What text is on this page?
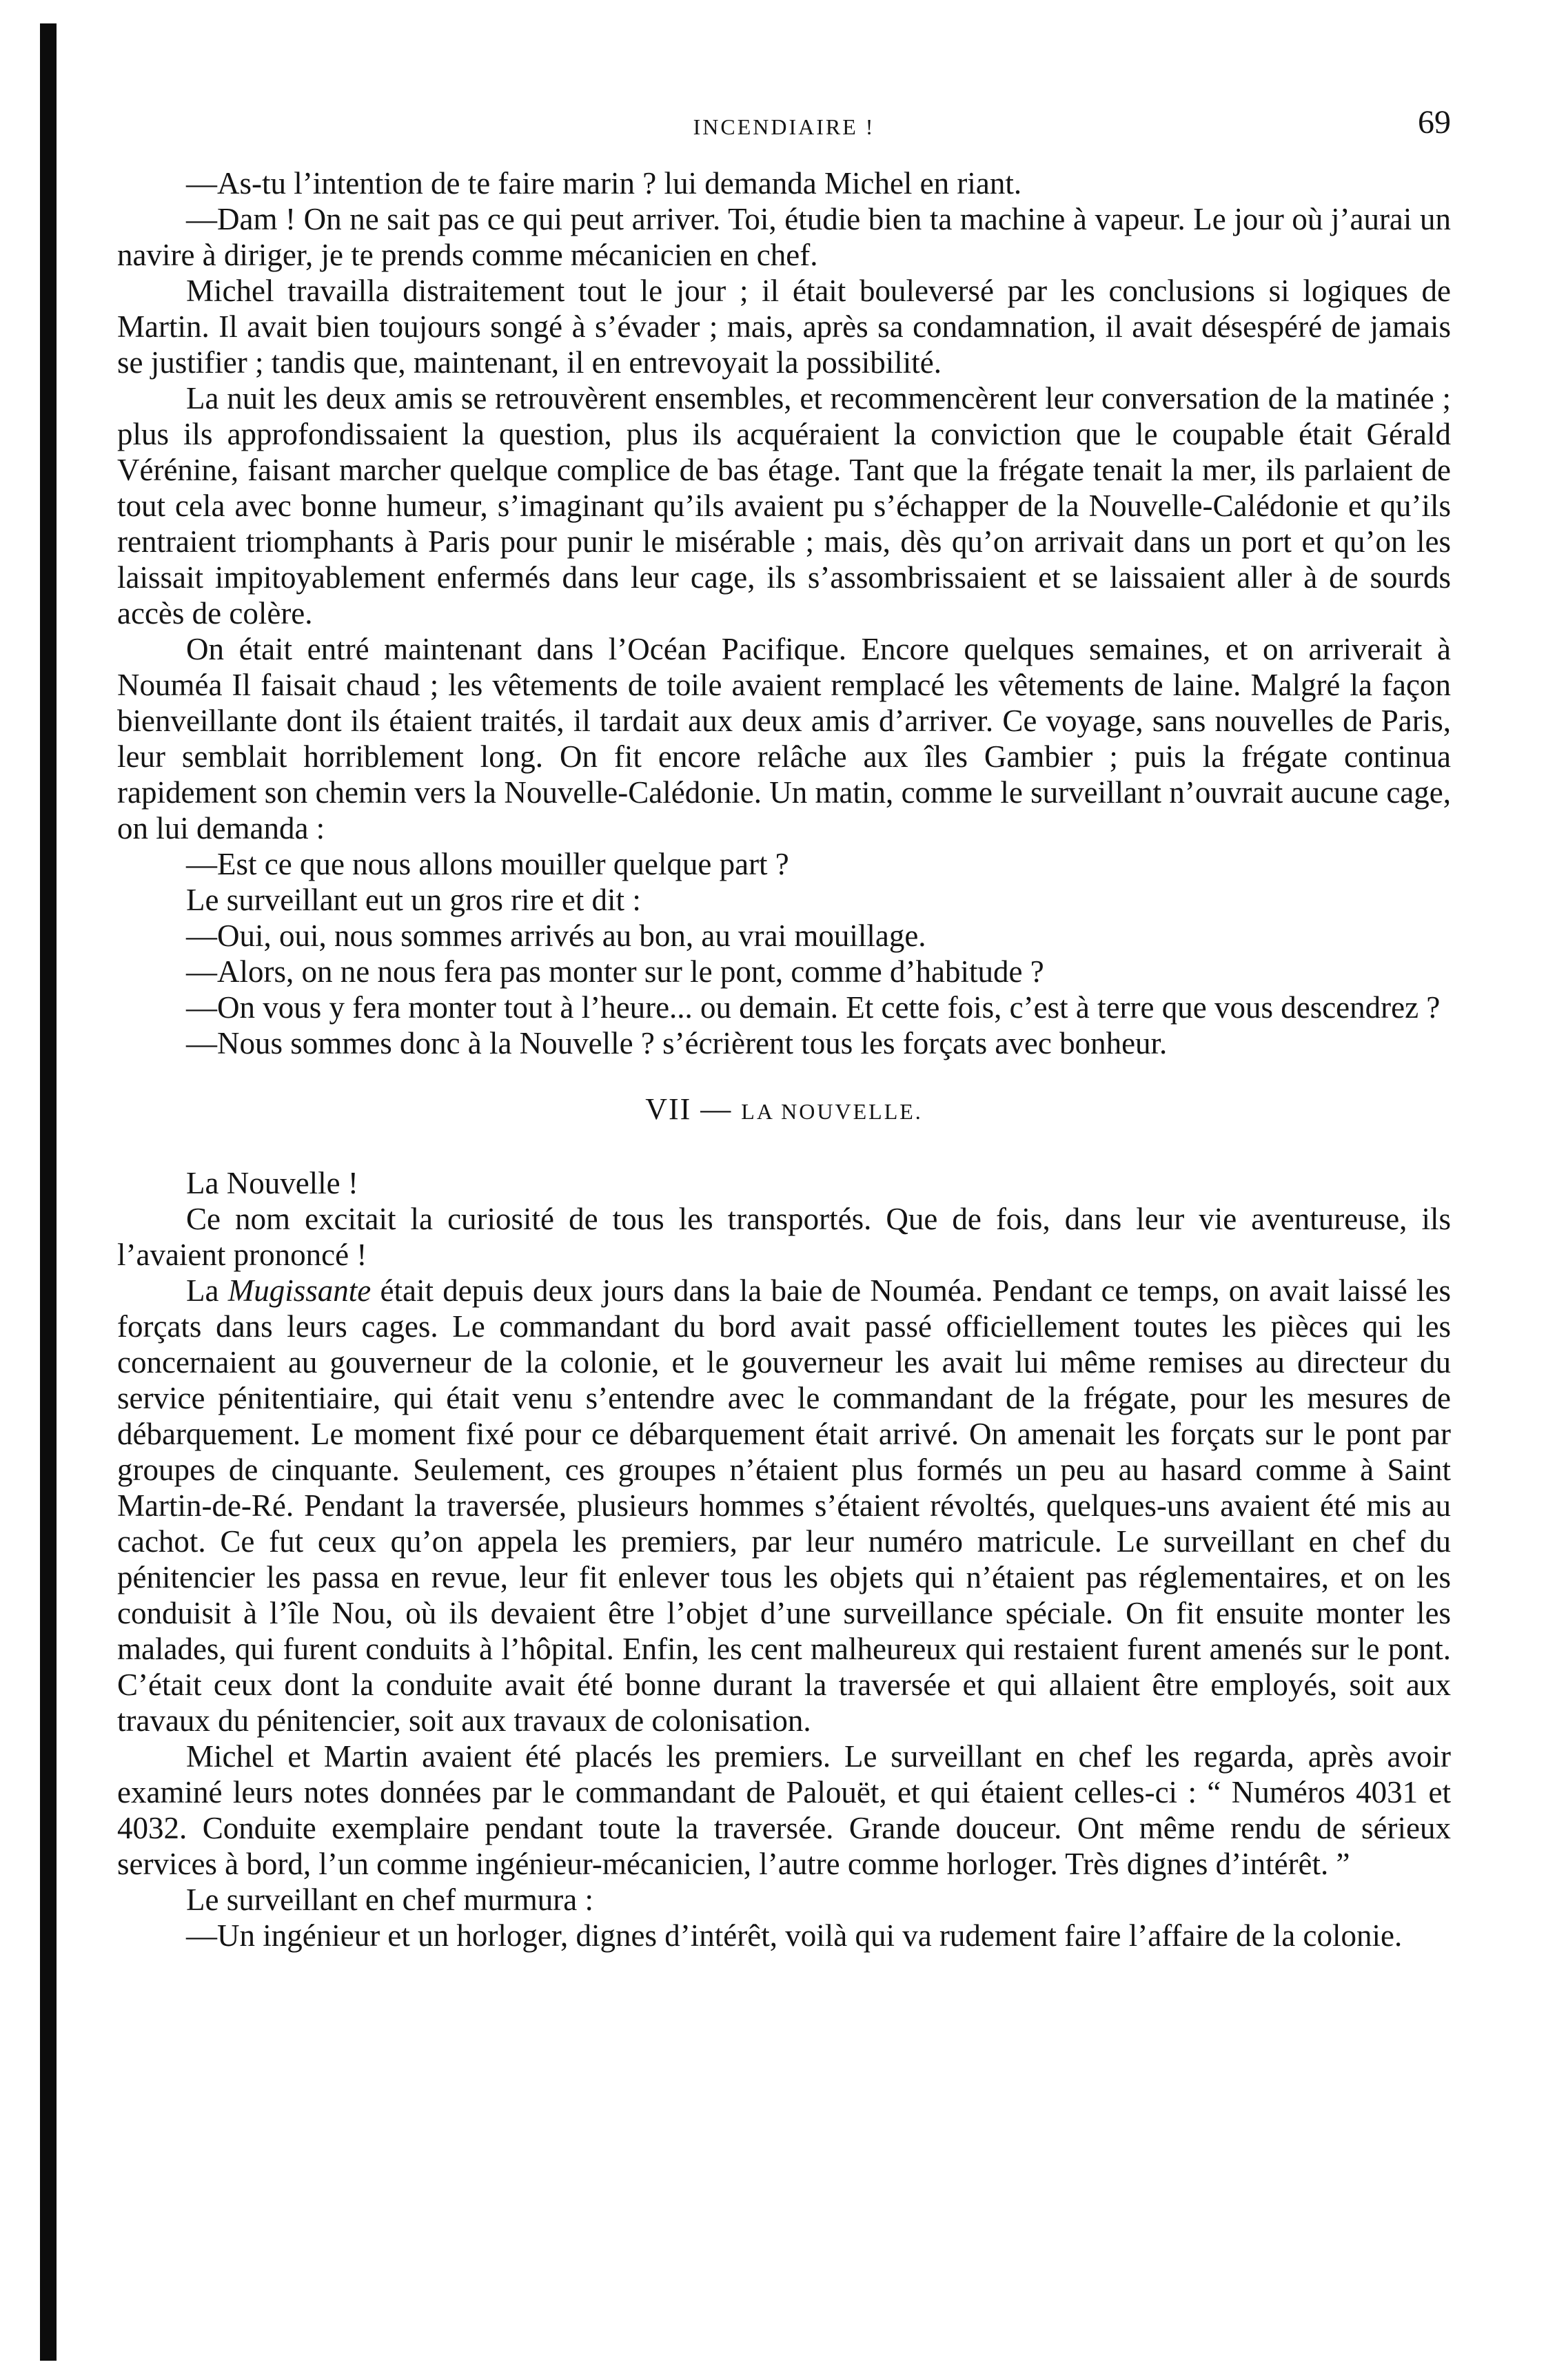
INCENDIAIRE !	69

—As-tu l’intention de te faire marin ? lui demanda Michel en riant.

—Dam ! On ne sait pas ce qui peut arriver. Toi, étudie bien ta machine à vapeur. Le jour où j’aurai un navire à diriger, je te prends comme mécanicien en chef.

Michel travailla distraitement tout le jour ; il était bouleversé par les conclusions si logiques de Martin. Il avait bien toujours songé à s’évader ; mais, après sa condamnation, il avait désespéré de jamais se justifier ; tandis que, maintenant, il en entrevoyait la possibilité.

La nuit les deux amis se retrouvèrent ensembles, et recommencèrent leur conversation de la matinée ; plus ils approfondissaient la question, plus ils acquéraient la conviction que le coupable était Gérald Vérénine, faisant marcher quelque complice de bas étage. Tant que la frégate tenait la mer, ils parlaient de tout cela avec bonne humeur, s’imaginant qu’ils avaient pu s’échapper de la Nouvelle-Calédonie et qu’ils rentraient triomphants à Paris pour punir le misérable ; mais, dès qu’on arrivait dans un port et qu’on les laissait impitoyablement enfermés dans leur cage, ils s’assombrissaient et se laissaient aller à de sourds accès de colère.

On était entré maintenant dans l’Océan Pacifique. Encore quelques semaines, et on arriverait à Nouméa Il faisait chaud ; les vêtements de toile avaient remplacé les vêtements de laine. Malgré la façon bienveillante dont ils étaient traités, il tardait aux deux amis d’arriver. Ce voyage, sans nouvelles de Paris, leur semblait horriblement long. On fit encore relâche aux îles Gambier ; puis la frégate continua rapidement son chemin vers la Nouvelle-Calédonie. Un matin, comme le surveillant n’ouvrait aucune cage, on lui demanda :

—Est ce que nous allons mouiller quelque part ?

Le surveillant eut un gros rire et dit :

—Oui, oui, nous sommes arrivés au bon, au vrai mouillage.

—Alors, on ne nous fera pas monter sur le pont, comme d’habitude ?

—On vous y fera monter tout à l’heure... ou demain. Et cette fois, c’est à terre que vous descendrez ?

—Nous sommes donc à la Nouvelle ? s’écrièrent tous les forçats avec bonheur.

VII — LA NOUVELLE.

La Nouvelle !

Ce nom excitait la curiosité de tous les transportés. Que de fois, dans leur vie aventureuse, ils l’avaient prononcé !

La Mugissante était depuis deux jours dans la baie de Nouméa. Pendant ce temps, on avait laissé les forçats dans leurs cages. Le commandant du bord avait passé officiellement toutes les pièces qui les concernaient au gouverneur de la colonie, et le gouverneur les avait lui même remises au directeur du service pénitentiaire, qui était venu s’entendre avec le commandant de la frégate, pour les mesures de débarquement. Le moment fixé pour ce débarquement était arrivé. On amenait les forçats sur le pont par groupes de cinquante. Seulement, ces groupes n’étaient plus formés un peu au hasard comme à Saint Martin-de-Ré. Pendant la traversée, plusieurs hommes s’étaient révoltés, quelques-uns avaient été mis au cachot. Ce fut ceux qu’on appela les premiers, par leur numéro matricule. Le surveillant en chef du pénitencier les passa en revue, leur fit enlever tous les objets qui n’étaient pas réglementaires, et on les conduisit à l’île Nou, où ils devaient être l’objet d’une surveillance spéciale. On fit ensuite monter les malades, qui furent conduits à l’hôpital. Enfin, les cent malheureux qui restaient furent amenés sur le pont. C’était ceux dont la conduite avait été bonne durant la traversée et qui allaient être employés, soit aux travaux du pénitencier, soit aux travaux de colonisation.

Michel et Martin avaient été placés les premiers. Le surveillant en chef les regarda, après avoir examiné leurs notes données par le commandant de Palouët, et qui étaient celles-ci : “ Numéros 4031 et 4032. Conduite exemplaire pendant toute la traversée. Grande douceur. Ont même rendu de sérieux services à bord, l’un comme ingénieur-mécanicien, l’autre comme horloger. Très dignes d’intérêt. ”

Le surveillant en chef murmura :

—Un ingénieur et un horloger, dignes d’intérêt, voilà qui va rudement faire l’affaire de la colonie.
